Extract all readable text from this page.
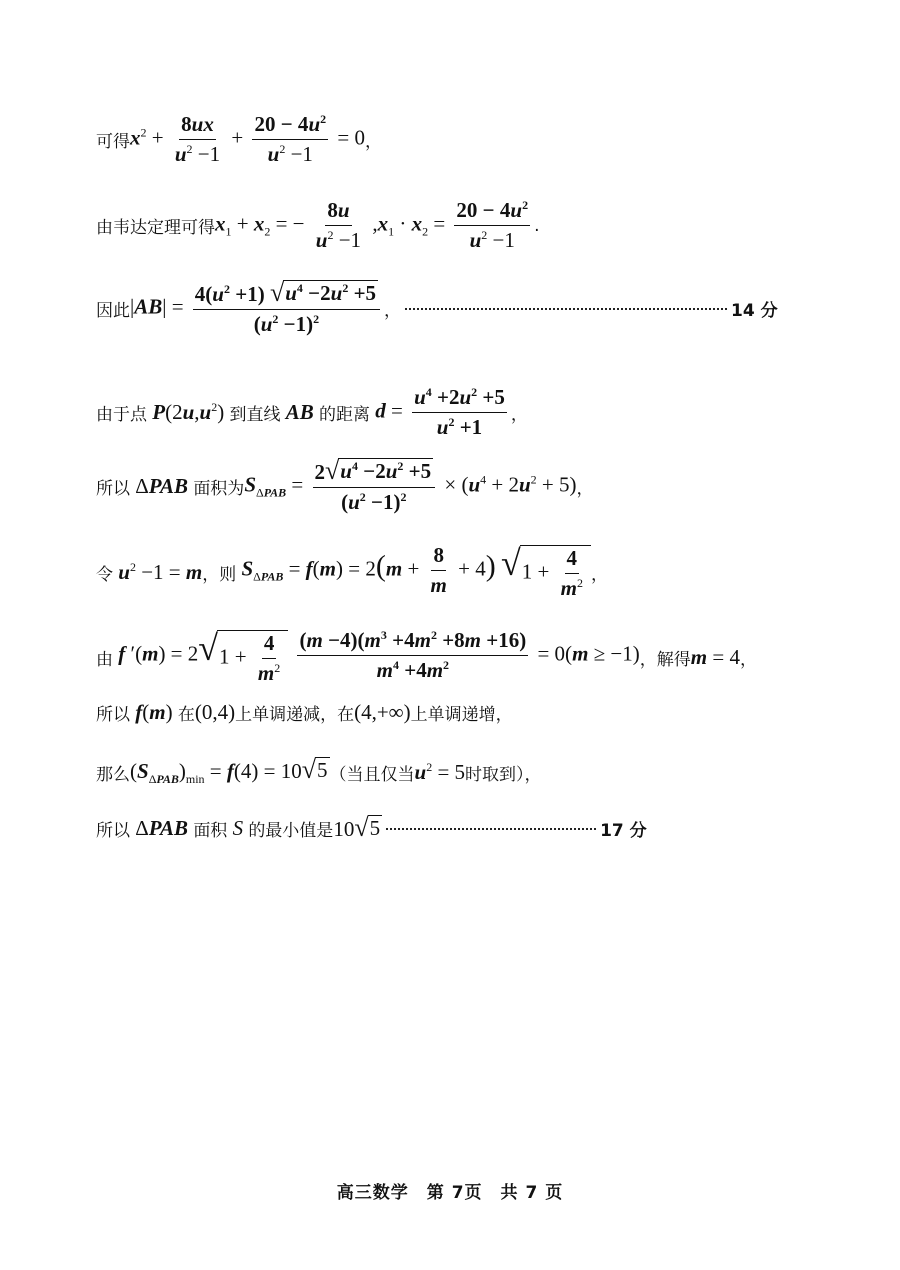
可得 $x^2 + \frac{8ux}{u^2 -1} + \frac{20 - 4u^2}{u^2 -1} = 0$ ，
由韦达定理可得 $x_1 + x_2$ = − $\frac{8u}{u^2 -1} ,x_1 \cdot x_2 = \frac{20 - 4u^2}{u^2 -1}$ .
因此 $|AB| = \frac{4(u^2 +1) √ u^4 -2u^2 +5}{(u^2 -1)^2}$ ，	14 分
由于点 $P(2u,u^2)$ 到直线 AB 的距离 $d = \frac{u^4 +2u^2 +5}{u^2 +1}$ ，
所以 ΔPAB 面积为 $S_{\Delta PAB} = \frac{2 √ u^4 -2u^2 +5}{(u^2 -1)^2} \times (u^4 + 2u^2 + 5)$ ，
令 $u^2 -1 = m$ ，则 $S_{\Delta PAB} = f(m) = 2(m + \frac{8}{m} + 4)$ √ $1 + \frac{4}{m^2}$ ，
由 f ′(m) = 2 √ $1 + \frac{4}{m^2}$
$\frac{(m -4)(m^3 +4m^2 +8m +16)}{m^4 +4m^2} = 0(m \ge -1)$ ，解得 m = 4 ，
所以 f(m) 在 (0,4) 上单调递减，在 (4,+∞) 上单调递增，
那么 $(S_{\Delta PAB})_{min} = f(4) = 10$ √ 5 （当且仅当 $u^2 = 5$ 时取到），
所以 ΔPAB 面积 S 的最小值是 10 √ 5	17 分
高三数学　第 7页　共 7 页
